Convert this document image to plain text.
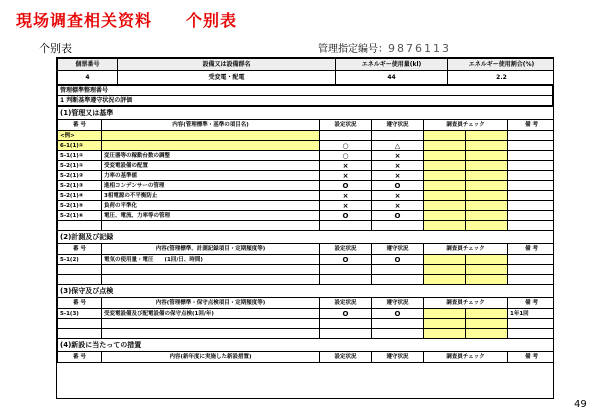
現场调查相关资料 个别表
个别表	管理指定编号：9876113
個票番号	設備又は設備群名	エネルギー使用量(kl)	エネルギー使用割合(%)
4	受変電・配電	44	2.2
管理標準整理番号
1 判断基準遵守状況の評価
(1)管理又は基準						
番 号	内容(管理標準・基準の項目名)	設定状況	遵守状況	調査員チェック		備 考
<例>						
6-1(1)①		○	△			
5-1(1)①	変圧器等の稼動台数の調整	○	×			
5-2(1)①	受変電設備の配置	×	×			
5-2(1)②	力率の基準値	×	×			
5-2(1)③	進相コンデンサーの管理	O	O			
5-2(1)④	3相電源の不平衡防止	×	×			
5-2(1)⑤	負荷の平準化	×	×			
5-2(1)⑥	電圧、電流、力率等の管理	O	O			

(2)計測及び記録						
番 号	内容(管理標準、計測記録項目・定期頻度等)	設定状況	遵守状況	調査員チェック		備 考
5-1(2)	電気の使用量・電圧　　(1回/日、時間)	O	O			

(3)保守及び点検						
番 号	内容(管理標準・保守点検項目・定期頻度等)	設定状況	遵守状況	調査員チェック		備 考
5-1(3)	受変電設備及び配電設備の保守点検(1回/年)	O	O			1年1回

(4)新設に当たっての措置						
番 号	内容(新年度に実施した新設措置)	設定状況	遵守状況	調査員チェック		備 考
49
